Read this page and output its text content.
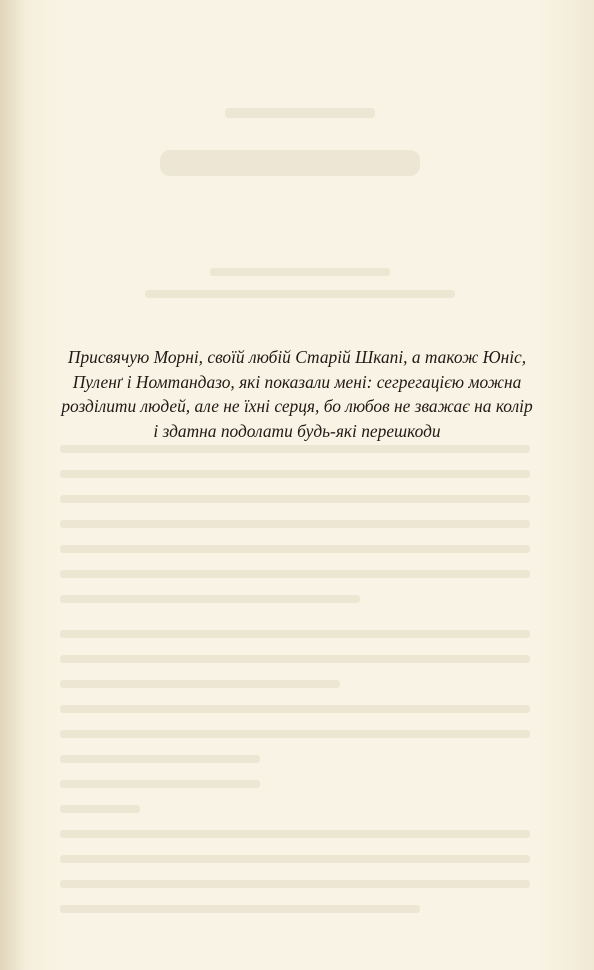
Присвячую Морні, своїй любій Старій Шкапі, а також Юніс,
Пуленґ і Номтандазо, які показали мені: сегрегацією можна
розділити людей, але не їхні серця, бо любов не зважає на колір
і здатна подолати будь-які перешкоди
